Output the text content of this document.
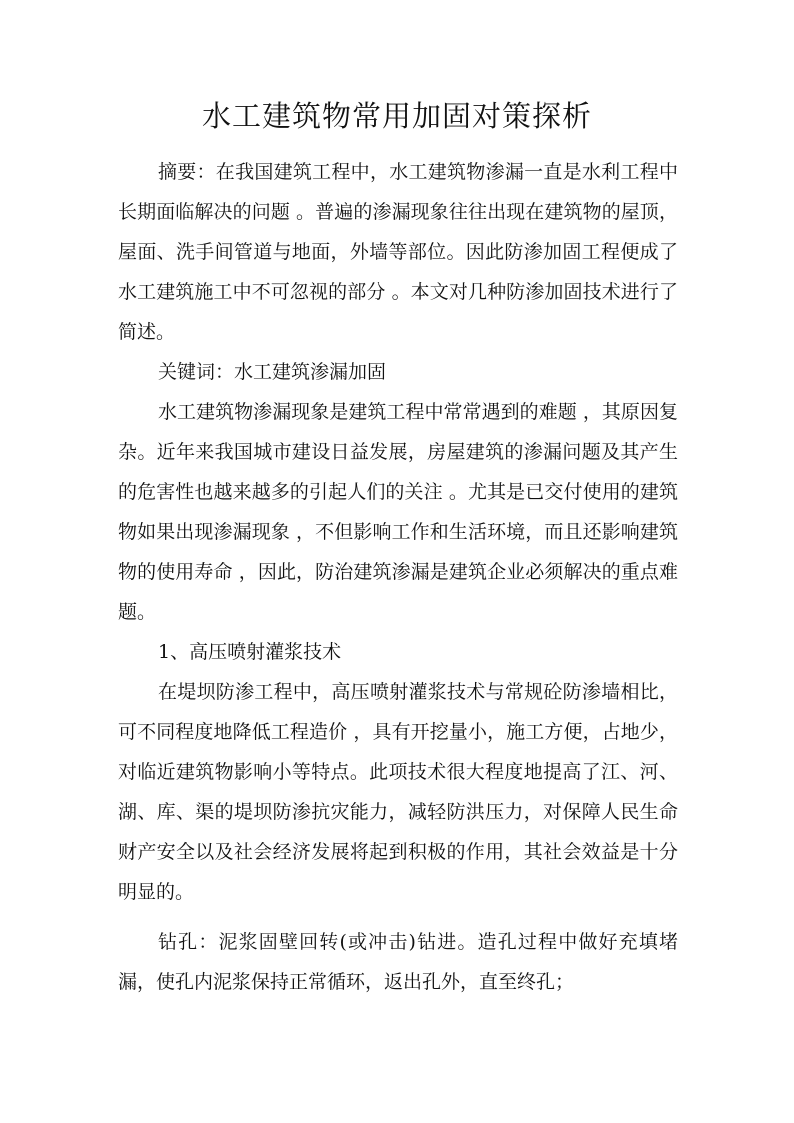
水工建筑物常用加固对策探析

摘要：在我国建筑工程中，水工建筑物渗漏一直是水利工程中长期面临解决的问题 。普遍的渗漏现象往往出现在建筑物的屋顶，屋面、洗手间管道与地面，外墙等部位。因此防渗加固工程便成了水工建筑施工中不可忽视的部分 。本文对几种防渗加固技术进行了简述。

关键词：水工建筑渗漏加固

水工建筑物渗漏现象是建筑工程中常常遇到的难题 ，其原因复杂。近年来我国城市建设日益发展，房屋建筑的渗漏问题及其产生的危害性也越来越多的引起人们的关注 。尤其是已交付使用的建筑物如果出现渗漏现象 ，不但影响工作和生活环境，而且还影响建筑物的使用寿命 ，因此，防治建筑渗漏是建筑企业必须解决的重点难题。

1、高压喷射灌浆技术

在堤坝防渗工程中，高压喷射灌浆技术与常规砼防渗墙相比，可不同程度地降低工程造价 ，具有开挖量小，施工方便，占地少，对临近建筑物影响小等特点。此项技术很大程度地提高了江、河、湖、库、渠的堤坝防渗抗灾能力，减轻防洪压力，对保障人民生命财产安全以及社会经济发展将起到积极的作用，其社会效益是十分明显的。

钻孔：泥浆固壁回转(或冲击)钻进。造孔过程中做好充填堵漏，使孔内泥浆保持正常循环，返出孔外，直至终孔；
